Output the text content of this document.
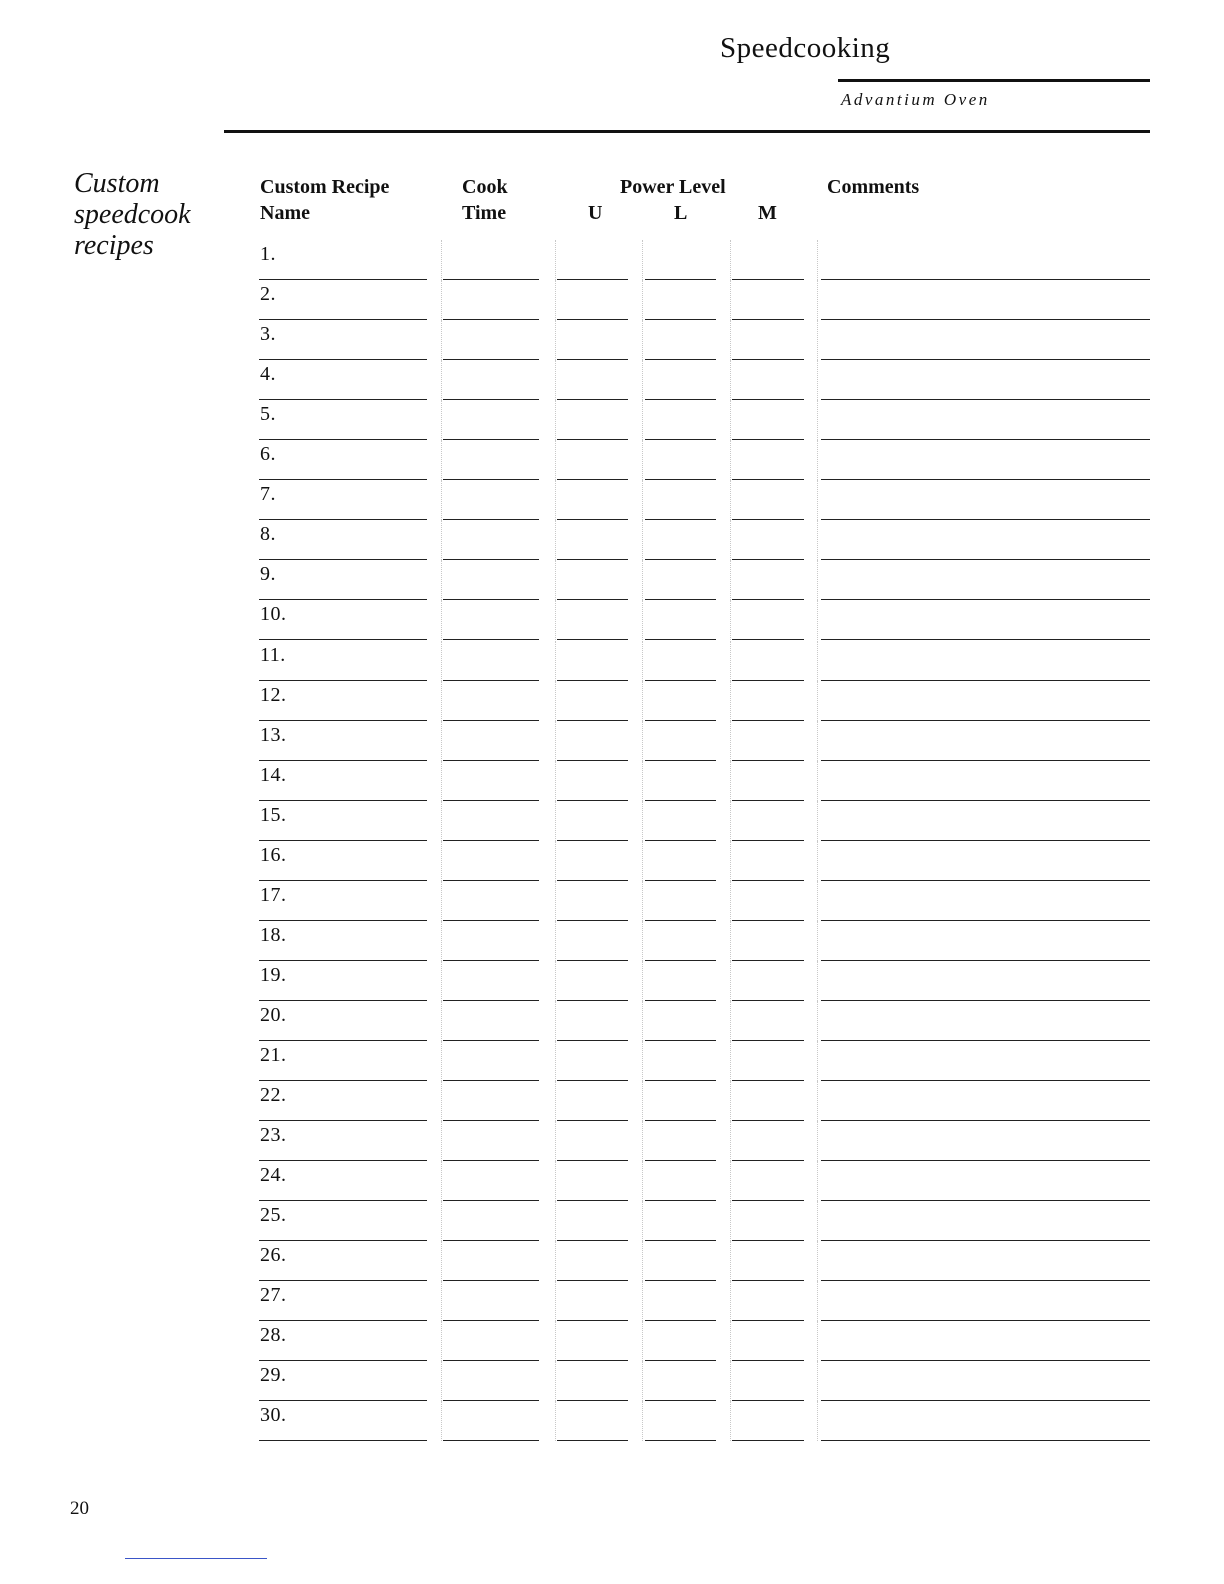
Speedcooking
Advantium Oven
Custom speedcook recipes
Custom Recipe Name
Cook Time
Power Level
U	L	M
Comments
1.
2.
3.
4.
5.
6.
7.
8.
9.
10.
11.
12.
13.
14.
15.
16.
17.
18.
19.
20.
21.
22.
23.
24.
25.
26.
27.
28.
29.
30.
20
